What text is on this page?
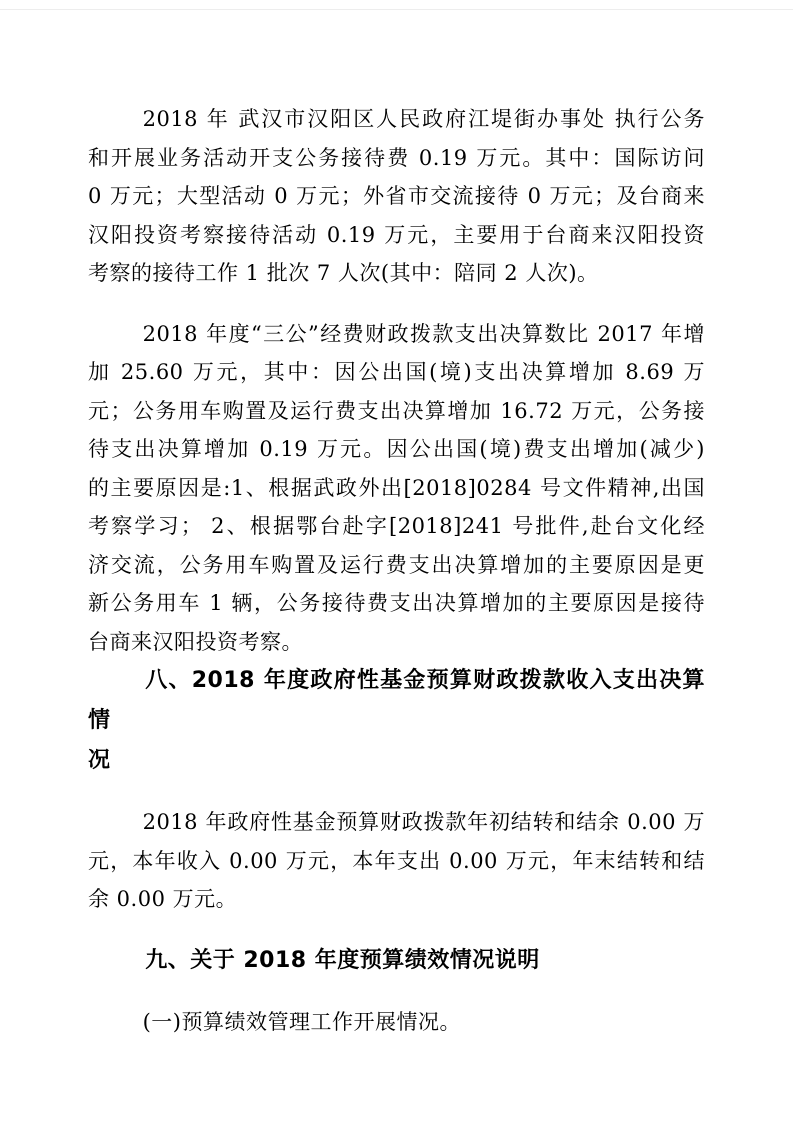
2018 年 武汉市汉阳区人民政府江堤街办事处 执行公务
和开展业务活动开支公务接待费 0.19 万元。其中：国际访问
0 万元；大型活动 0 万元；外省市交流接待 0 万元；及台商来
汉阳投资考察接待活动 0.19 万元，主要用于台商来汉阳投资
考察的接待工作 1 批次 7 人次(其中：陪同 2 人次)。

2018 年度“三公”经费财政拨款支出决算数比 2017 年增
加 25.60 万元，其中：因公出国(境)支出决算增加 8.69 万
元；公务用车购置及运行费支出决算增加 16.72 万元，公务接
待支出决算增加 0.19 万元。因公出国(境)费支出增加(减少)
的主要原因是:1、根据武政外出[2018]0284 号文件精神,出国
考察学习； 2、根据鄂台赴字[2018]241 号批件,赴台文化经
济交流，公务用车购置及运行费支出决算增加的主要原因是更
新公务用车 1 辆，公务接待费支出决算增加的主要原因是接待
台商来汉阳投资考察。

八、2018 年度政府性基金预算财政拨款收入支出决算情
况

2018 年政府性基金预算财政拨款年初结转和结余 0.00 万
元，本年收入 0.00 万元，本年支出 0.00 万元，年末结转和结
余 0.00 万元。

九、关于 2018 年度预算绩效情况说明

(一)预算绩效管理工作开展情况。
